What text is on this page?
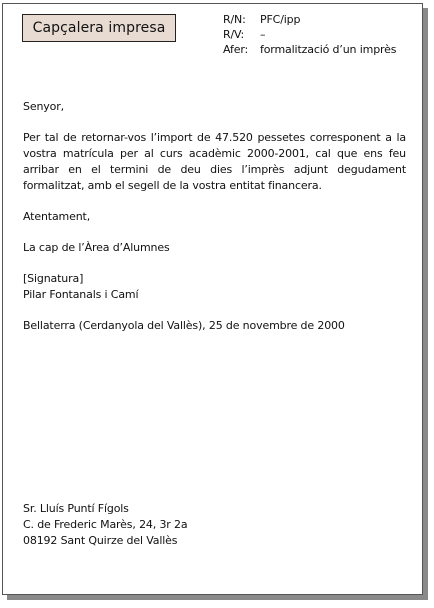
Capçalera impresa
R/N:	PFC/ipp
R/V:	–
Afer:	formalització d’un imprès

Senyor,

Per tal de retornar-vos l’import de 47.520 pessetes corresponent a la vostra matrícula per al curs acadèmic 2000-2001, cal que ens feu arribar en el termini de deu dies l’imprès adjunt degudament formalitzat, amb el segell de la vostra entitat financera.

Atentament,

La cap de l’Àrea d’Alumnes

[Signatura]

Pilar Fontanals i Camí

Bellaterra (Cerdanyola del Vallès), 25 de novembre de 2000

Sr. Lluís Puntí Fígols
C. de Frederic Marès, 24, 3r 2a
08192 Sant Quirze del Vallès
